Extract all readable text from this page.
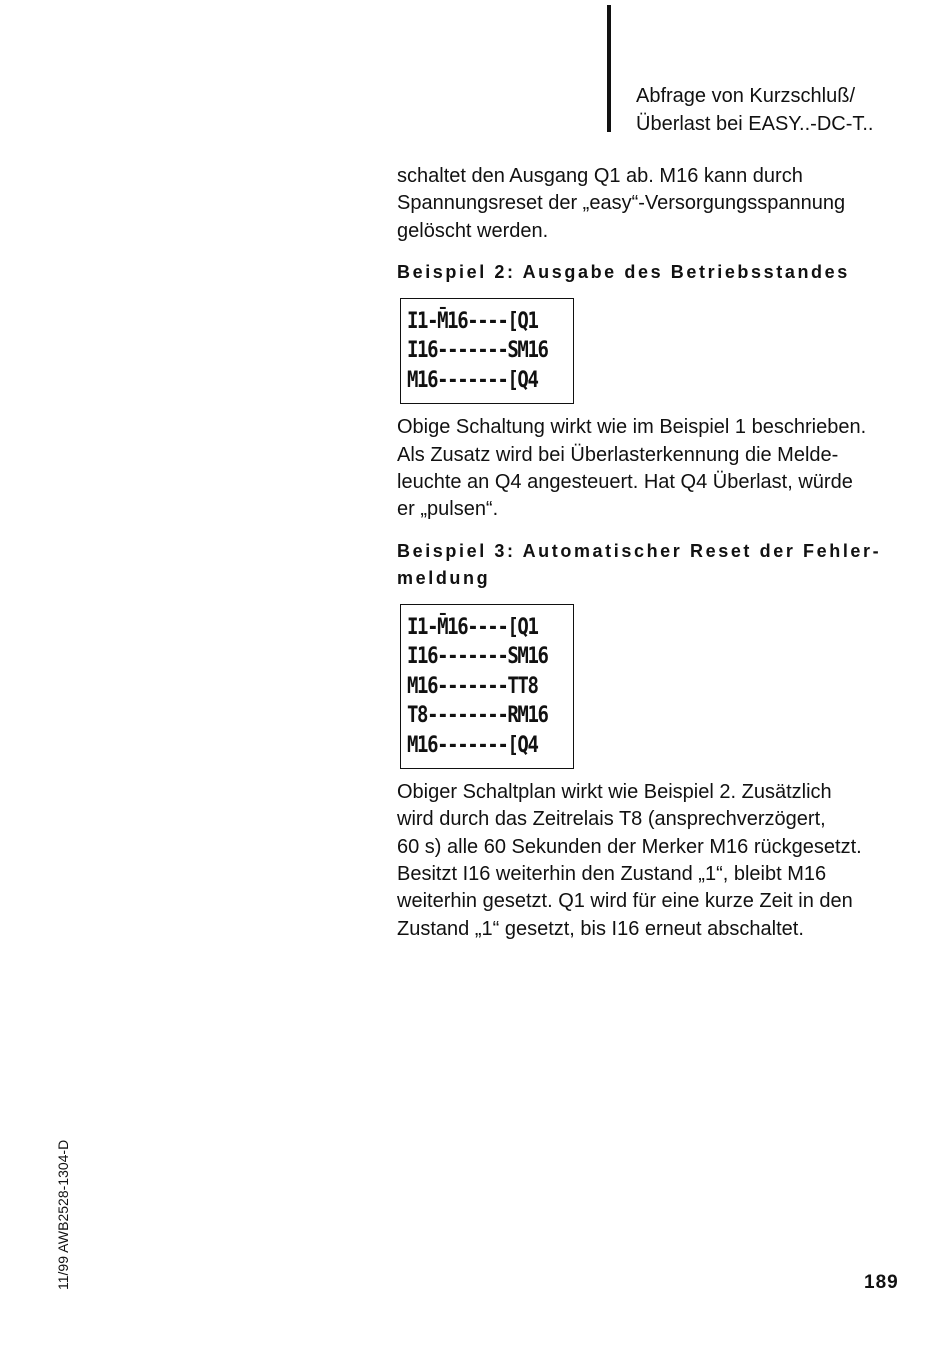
Abfrage von Kurzschluß/
Überlast bei EASY..-DC-T..

schaltet den Ausgang Q1 ab. M16 kann durch

Spannungsreset der „easy“-Versorgungsspannung

gelöscht werden.

Beispiel 2: Ausgabe des Betriebsstandes
I1-M̄16----[Q1
I16-------SM16
M16-------[Q4

Obige Schaltung wirkt wie im Beispiel 1 beschrieben.

Als Zusatz wird bei Überlasterkennung die Melde-

leuchte an Q4 angesteuert. Hat Q4 Überlast, würde

er „pulsen“.

Beispiel 3: Automatischer Reset der Fehler-
meldung
I1-M̄16----[Q1
I16-------SM16
M16-------TT8
T8--------RM16
M16-------[Q4

Obiger Schaltplan wirkt wie Beispiel 2. Zusätzlich

wird durch das Zeitrelais T8 (ansprechverzögert,

60 s) alle 60 Sekunden der Merker M16 rückgesetzt.

Besitzt I16 weiterhin den Zustand „1“, bleibt M16

weiterhin gesetzt. Q1 wird für eine kurze Zeit in den

Zustand „1“ gesetzt, bis I16 erneut abschaltet.

11/99 AWB2528-1304-D	189
